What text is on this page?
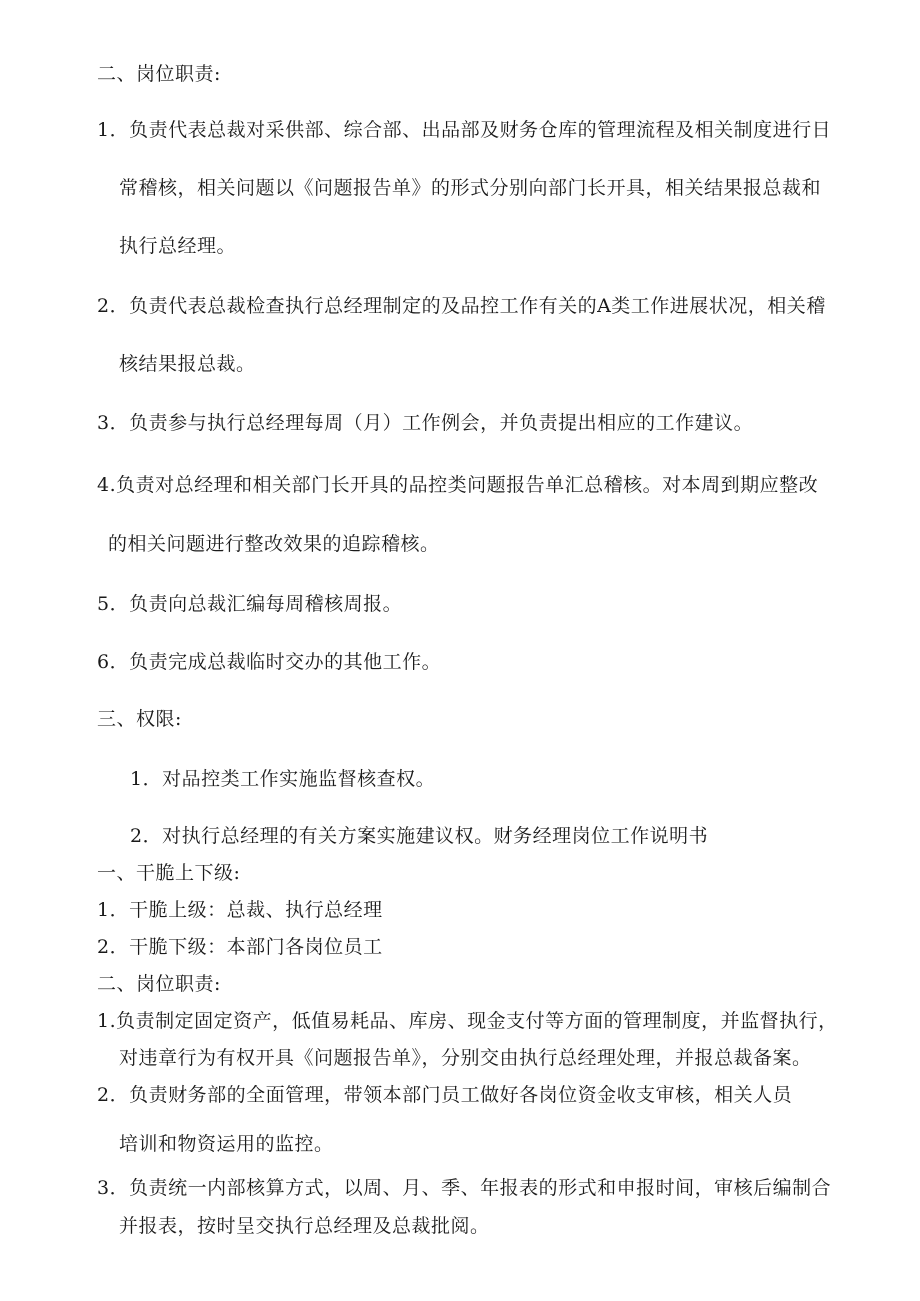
二、岗位职责:

1．负责代表总裁对采供部、综合部、出品部及财务仓库的管理流程及相关制度进行日

常稽核，相关问题以《问题报告单》的形式分别向部门长开具，相关结果报总裁和

执行总经理。

2．负责代表总裁检查执行总经理制定的及品控工作有关的A类工作进展状况，相关稽

核结果报总裁。

3．负责参与执行总经理每周（月）工作例会，并负责提出相应的工作建议。

4.负责对总经理和相关部门长开具的品控类问题报告单汇总稽核。对本周到期应整改

的相关问题进行整改效果的追踪稽核。

5．负责向总裁汇编每周稽核周报。

6．负责完成总裁临时交办的其他工作。

三、权限:

1．对品控类工作实施监督核查权。

2．对执行总经理的有关方案实施建议权。财务经理岗位工作说明书

一、干脆上下级:

1．干脆上级：总裁、执行总经理

2．干脆下级：本部门各岗位员工

二、岗位职责:

1.负责制定固定资产，低值易耗品、库房、现金支付等方面的管理制度，并监督执行，

对违章行为有权开具《问题报告单》，分别交由执行总经理处理，并报总裁备案。

2．负责财务部的全面管理，带领本部门员工做好各岗位资金收支审核，相关人员

培训和物资运用的监控。

3．负责统一内部核算方式，以周、月、季、年报表的形式和申报时间，审核后编制合

并报表，按时呈交执行总经理及总裁批阅。
